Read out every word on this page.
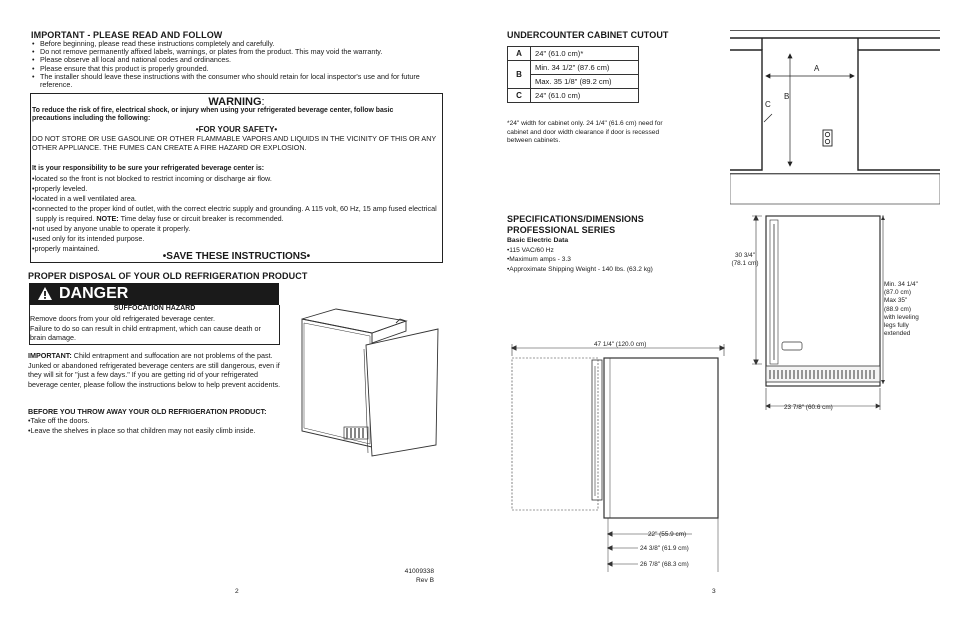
IMPORTANT - PLEASE READ AND FOLLOW
• Before beginning, please read these instructions completely and carefully.
• Do not remove permanently affixed labels, warnings, or plates from the product. This may void the warranty.
• Please observe all local and national codes and ordinances.
• Please ensure that this product is properly grounded.
• The installer should leave these instructions with the consumer who should retain for local inspector's use and for future reference.
WARNING:
To reduce the risk of fire, electrical shock, or injury when using your refrigerated beverage center, follow basic precautions including the following:
•FOR YOUR SAFETY•
DO NOT STORE OR USE GASOLINE OR OTHER FLAMMABLE VAPORS AND LIQUIDS IN THE VICINITY OF THIS OR ANY OTHER APPLIANCE. THE FUMES CAN CREATE A FIRE HAZARD OR EXPLOSION.
It is your responsibility to be sure your refrigerated beverage center is:
•located so the front is not blocked to restrict incoming or discharge air flow.
•properly leveled.
•located in a well ventilated area.
•connected to the proper kind of outlet, with the correct electric supply and grounding. A 115 volt, 60 Hz, 15 amp fused electrical supply is required. NOTE: Time delay fuse or circuit breaker is recommended.
•not used by anyone unable to operate it properly.
•used only for its intended purpose.
•properly maintained.
•SAVE THESE INSTRUCTIONS•
PROPER DISPOSAL OF YOUR OLD REFRIGERATION PRODUCT
DANGER
SUFFOCATION HAZARD
Remove doors from your old refrigerated beverage center.
Failure to do so can result in child entrapment, which can cause death or brain damage.
IMPORTANT: Child entrapment and suffocation are not problems of the past. Junked or abandoned refrigerated beverage centers are still dangerous, even if they will sit for "just a few days." If you are getting rid of your refrigerated beverage center, please follow the instructions below to help prevent accidents.
BEFORE YOU THROW AWAY YOUR OLD REFRIGERATION PRODUCT:
•Take off the doors.
•Leave the shelves in place so that children may not easily climb inside.
41009338
Rev B
2
UNDERCOUNTER CABINET CUTOUT
A	24" (61.0 cm)*
B	Min. 34 1/2" (87.6 cm)
Max. 35 1/8" (89.2 cm)

C	24" (61.0 cm)
*24" width for cabinet only. 24 1/4" (61.6 cm) need for cabinet and door width clearance if door is recessed between cabinets.
A
B
C
SPECIFICATIONS/DIMENSIONS
PROFESSIONAL SERIES
Basic Electric Data
•115 VAC/60 Hz
•Maximum amps - 3.3
•Approximate Shipping Weight - 140 lbs. (63.2 kg)
47 1/4" (120.0 cm)
22" (55.9 cm)
24 3/8" (61.9 cm)
26 7/8" (68.3 cm)
23 7/8" (60.6 cm)
30 3/4"
(78.1 cm)
Min. 34 1/4"
(87.0 cm)
Max 35"
(88.9 cm)
with leveling
legs fully
extended
3
